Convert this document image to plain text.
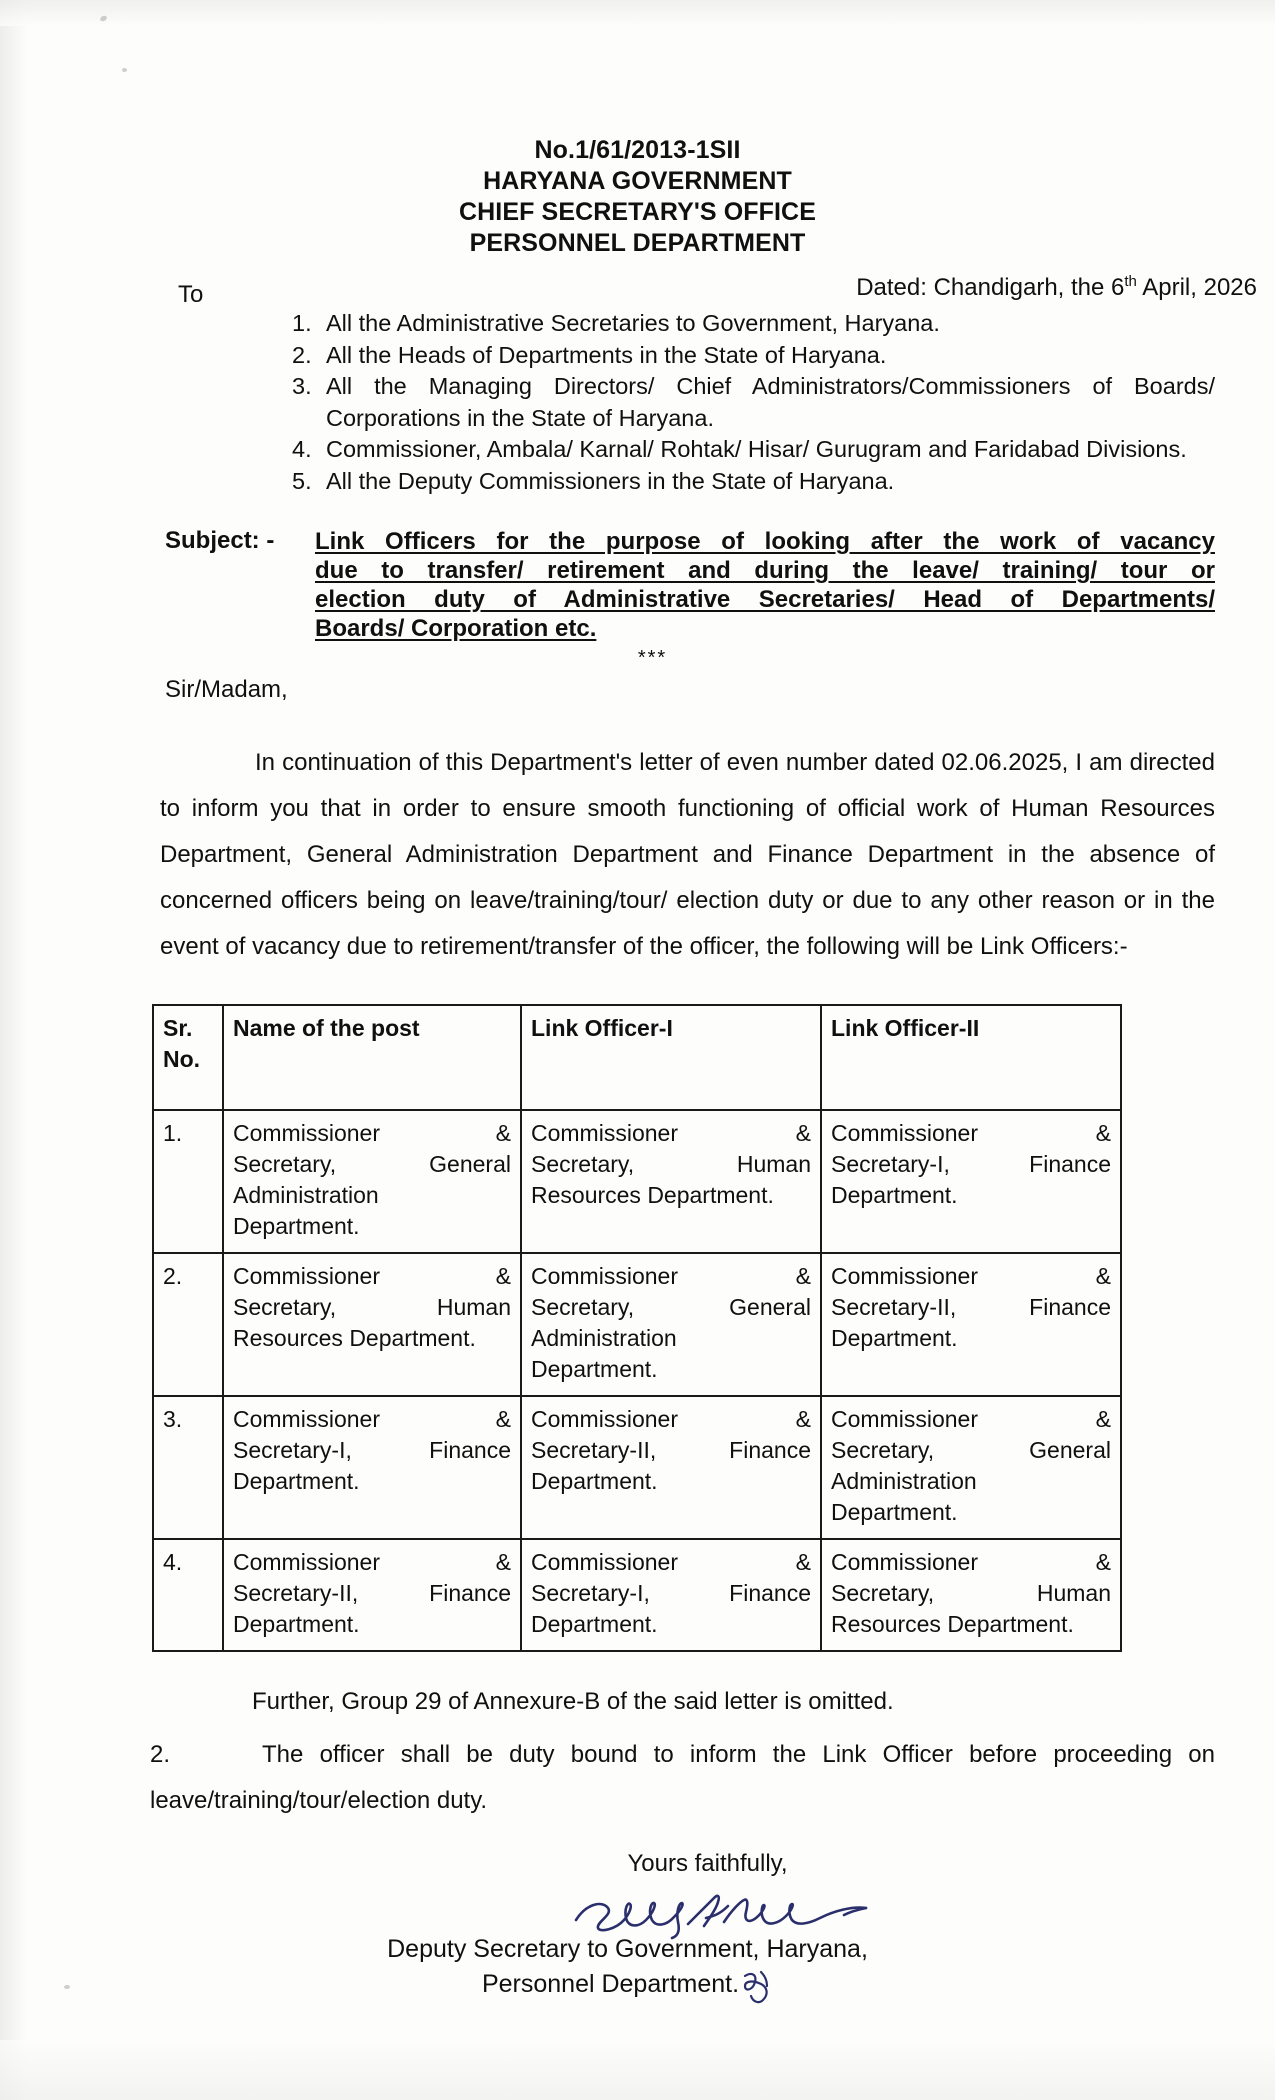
No.1/61/2013-1SII
HARYANA GOVERNMENT
CHIEF SECRETARY'S OFFICE
PERSONNEL DEPARTMENT
Dated: Chandigarh, the 6th April, 2026
To
1. All the Administrative Secretaries to Government, Haryana.
2. All the Heads of Departments in the State of Haryana.
3. All the Managing Directors/ Chief Administrators/Commissioners of Boards/ Corporations in the State of Haryana.
4. Commissioner, Ambala/ Karnal/ Rohtak/ Hisar/ Gurugram and Faridabad Divisions.
5. All the Deputy Commissioners in the State of Haryana.
Subject: - Link Officers for the purpose of looking after the work of vacancy
due to transfer/ retirement and during the leave/ training/ tour or
election duty of Administrative Secretaries/ Head of Departments/
Boards/ Corporation etc.
***
Sir/Madam,
In continuation of this Department's letter of even number dated 02.06.2025, I am directed to inform you that in order to ensure smooth functioning of official work of Human Resources Department, General Administration Department and Finance Department in the absence of concerned officers being on leave/training/tour/ election duty or due to any other reason or in the event of vacancy due to retirement/transfer of the officer, the following will be Link Officers:-
Sr.
No.	Name of the post	Link Officer-I	Link Officer-II
1.	Commissioner &
Secretary, General
Administration
Department.	Commissioner &
Secretary, Human
Resources Department.	Commissioner &
Secretary-I, Finance
Department.

2.	Commissioner &
Secretary, Human
Resources Department.	Commissioner &
Secretary, General
Administration
Department.	Commissioner &
Secretary-II, Finance
Department.

3.	Commissioner &
Secretary-I, Finance
Department.	Commissioner &
Secretary-II, Finance
Department.	Commissioner &
Secretary, General
Administration
Department.

4.	Commissioner &
Secretary-II, Finance
Department.	Commissioner &
Secretary-I, Finance
Department.	Commissioner &
Secretary, Human
Resources Department.
Further, Group 29 of Annexure-B of the said letter is omitted.
2.	The officer shall be duty bound to inform the Link Officer before proceeding on leave/training/tour/election duty.
Yours faithfully,
Deputy Secretary to Government, Haryana,
Personnel Department.
